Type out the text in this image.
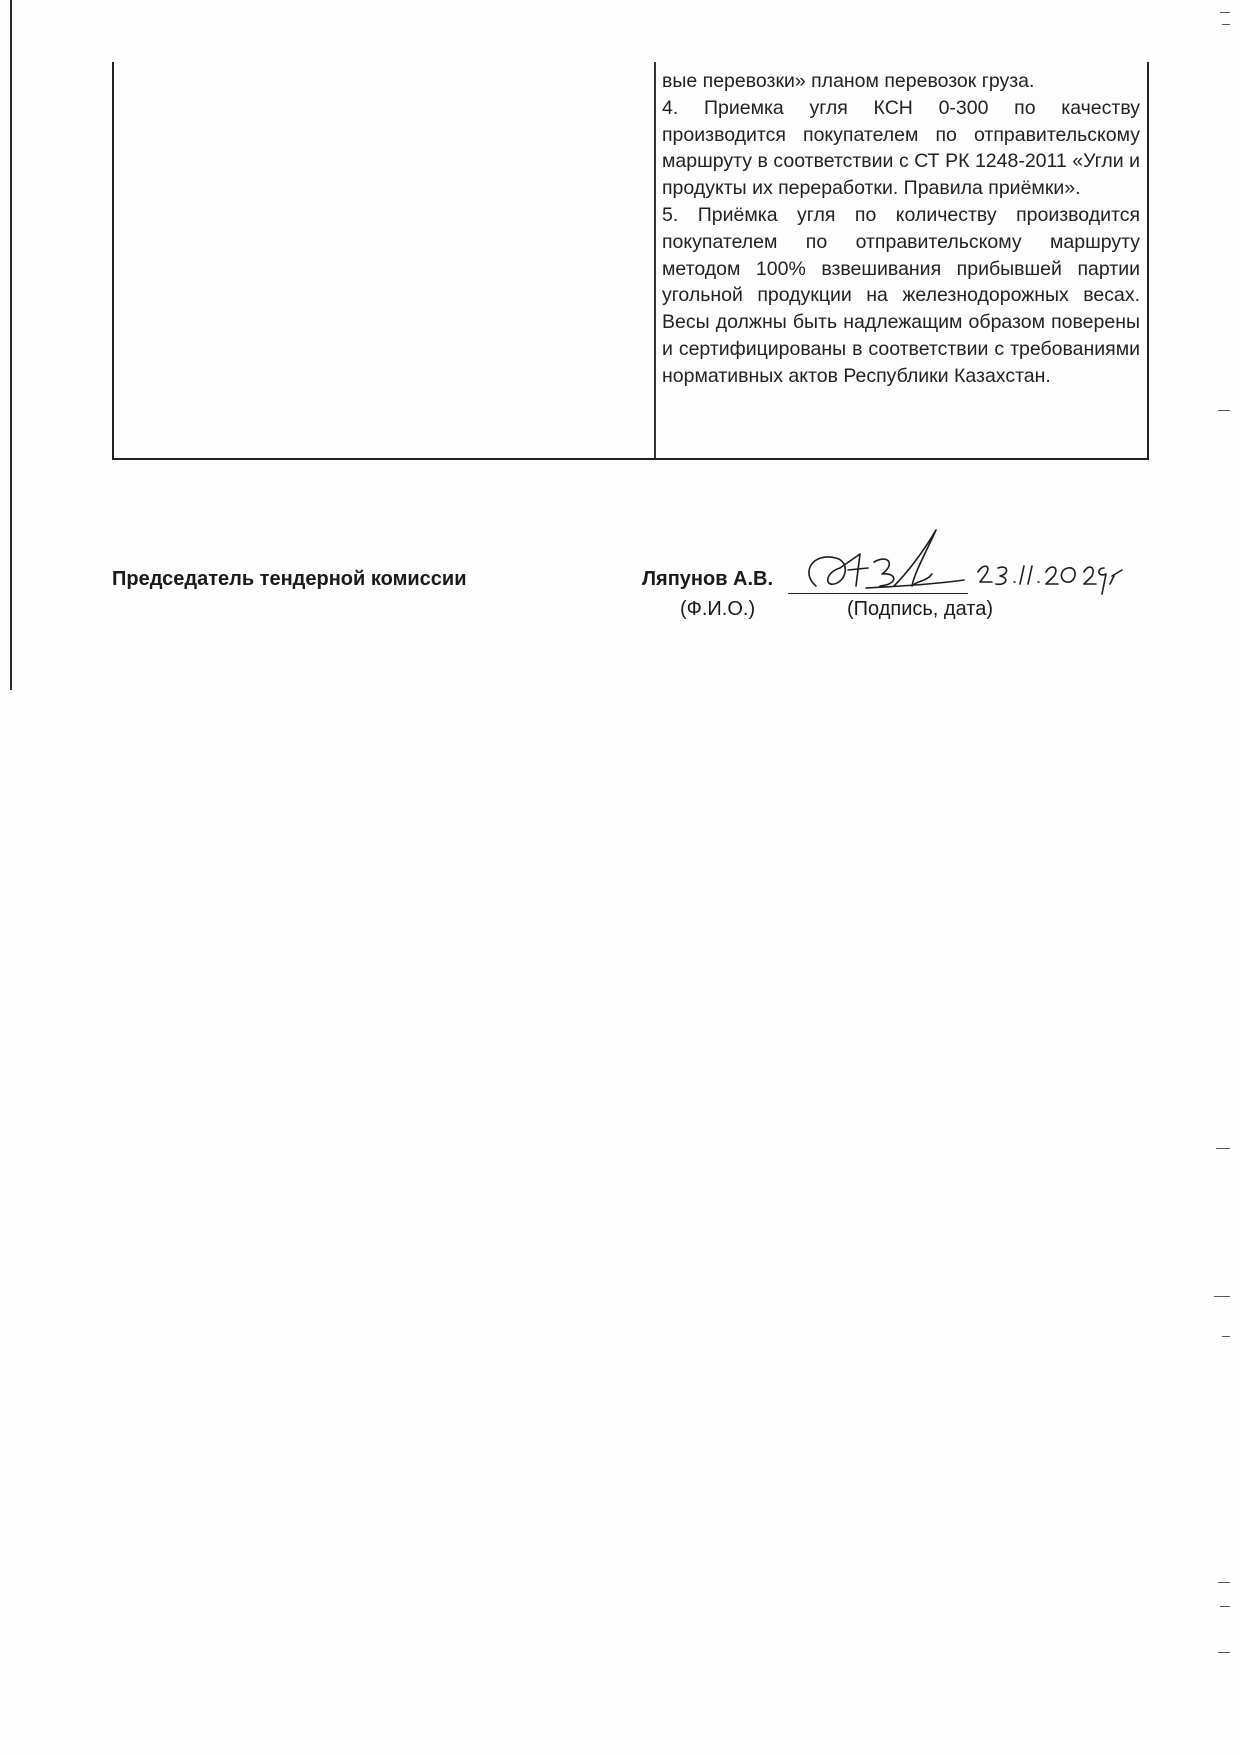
вые перевозки» планом перевозок груза.

4. Приемка угля КСН 0-300 по качеству производится покупателем по отправительскому маршруту в соответствии с СТ РК 1248-2011 «Угли и продукты их переработки. Правила приёмки».

5. Приёмка угля по количеству производится покупателем по отправительскому маршруту методом 100% взвешивания прибывшей партии угольной продукции на железнодорожных весах. Весы должны быть надлежащим образом поверены и сертифицированы в соответствии с требованиями нормативных актов Республики Казахстан.

Председатель тендерной комиссии	Ляпунов А.В.
(Ф.И.О.)	(Подпись, дата)
